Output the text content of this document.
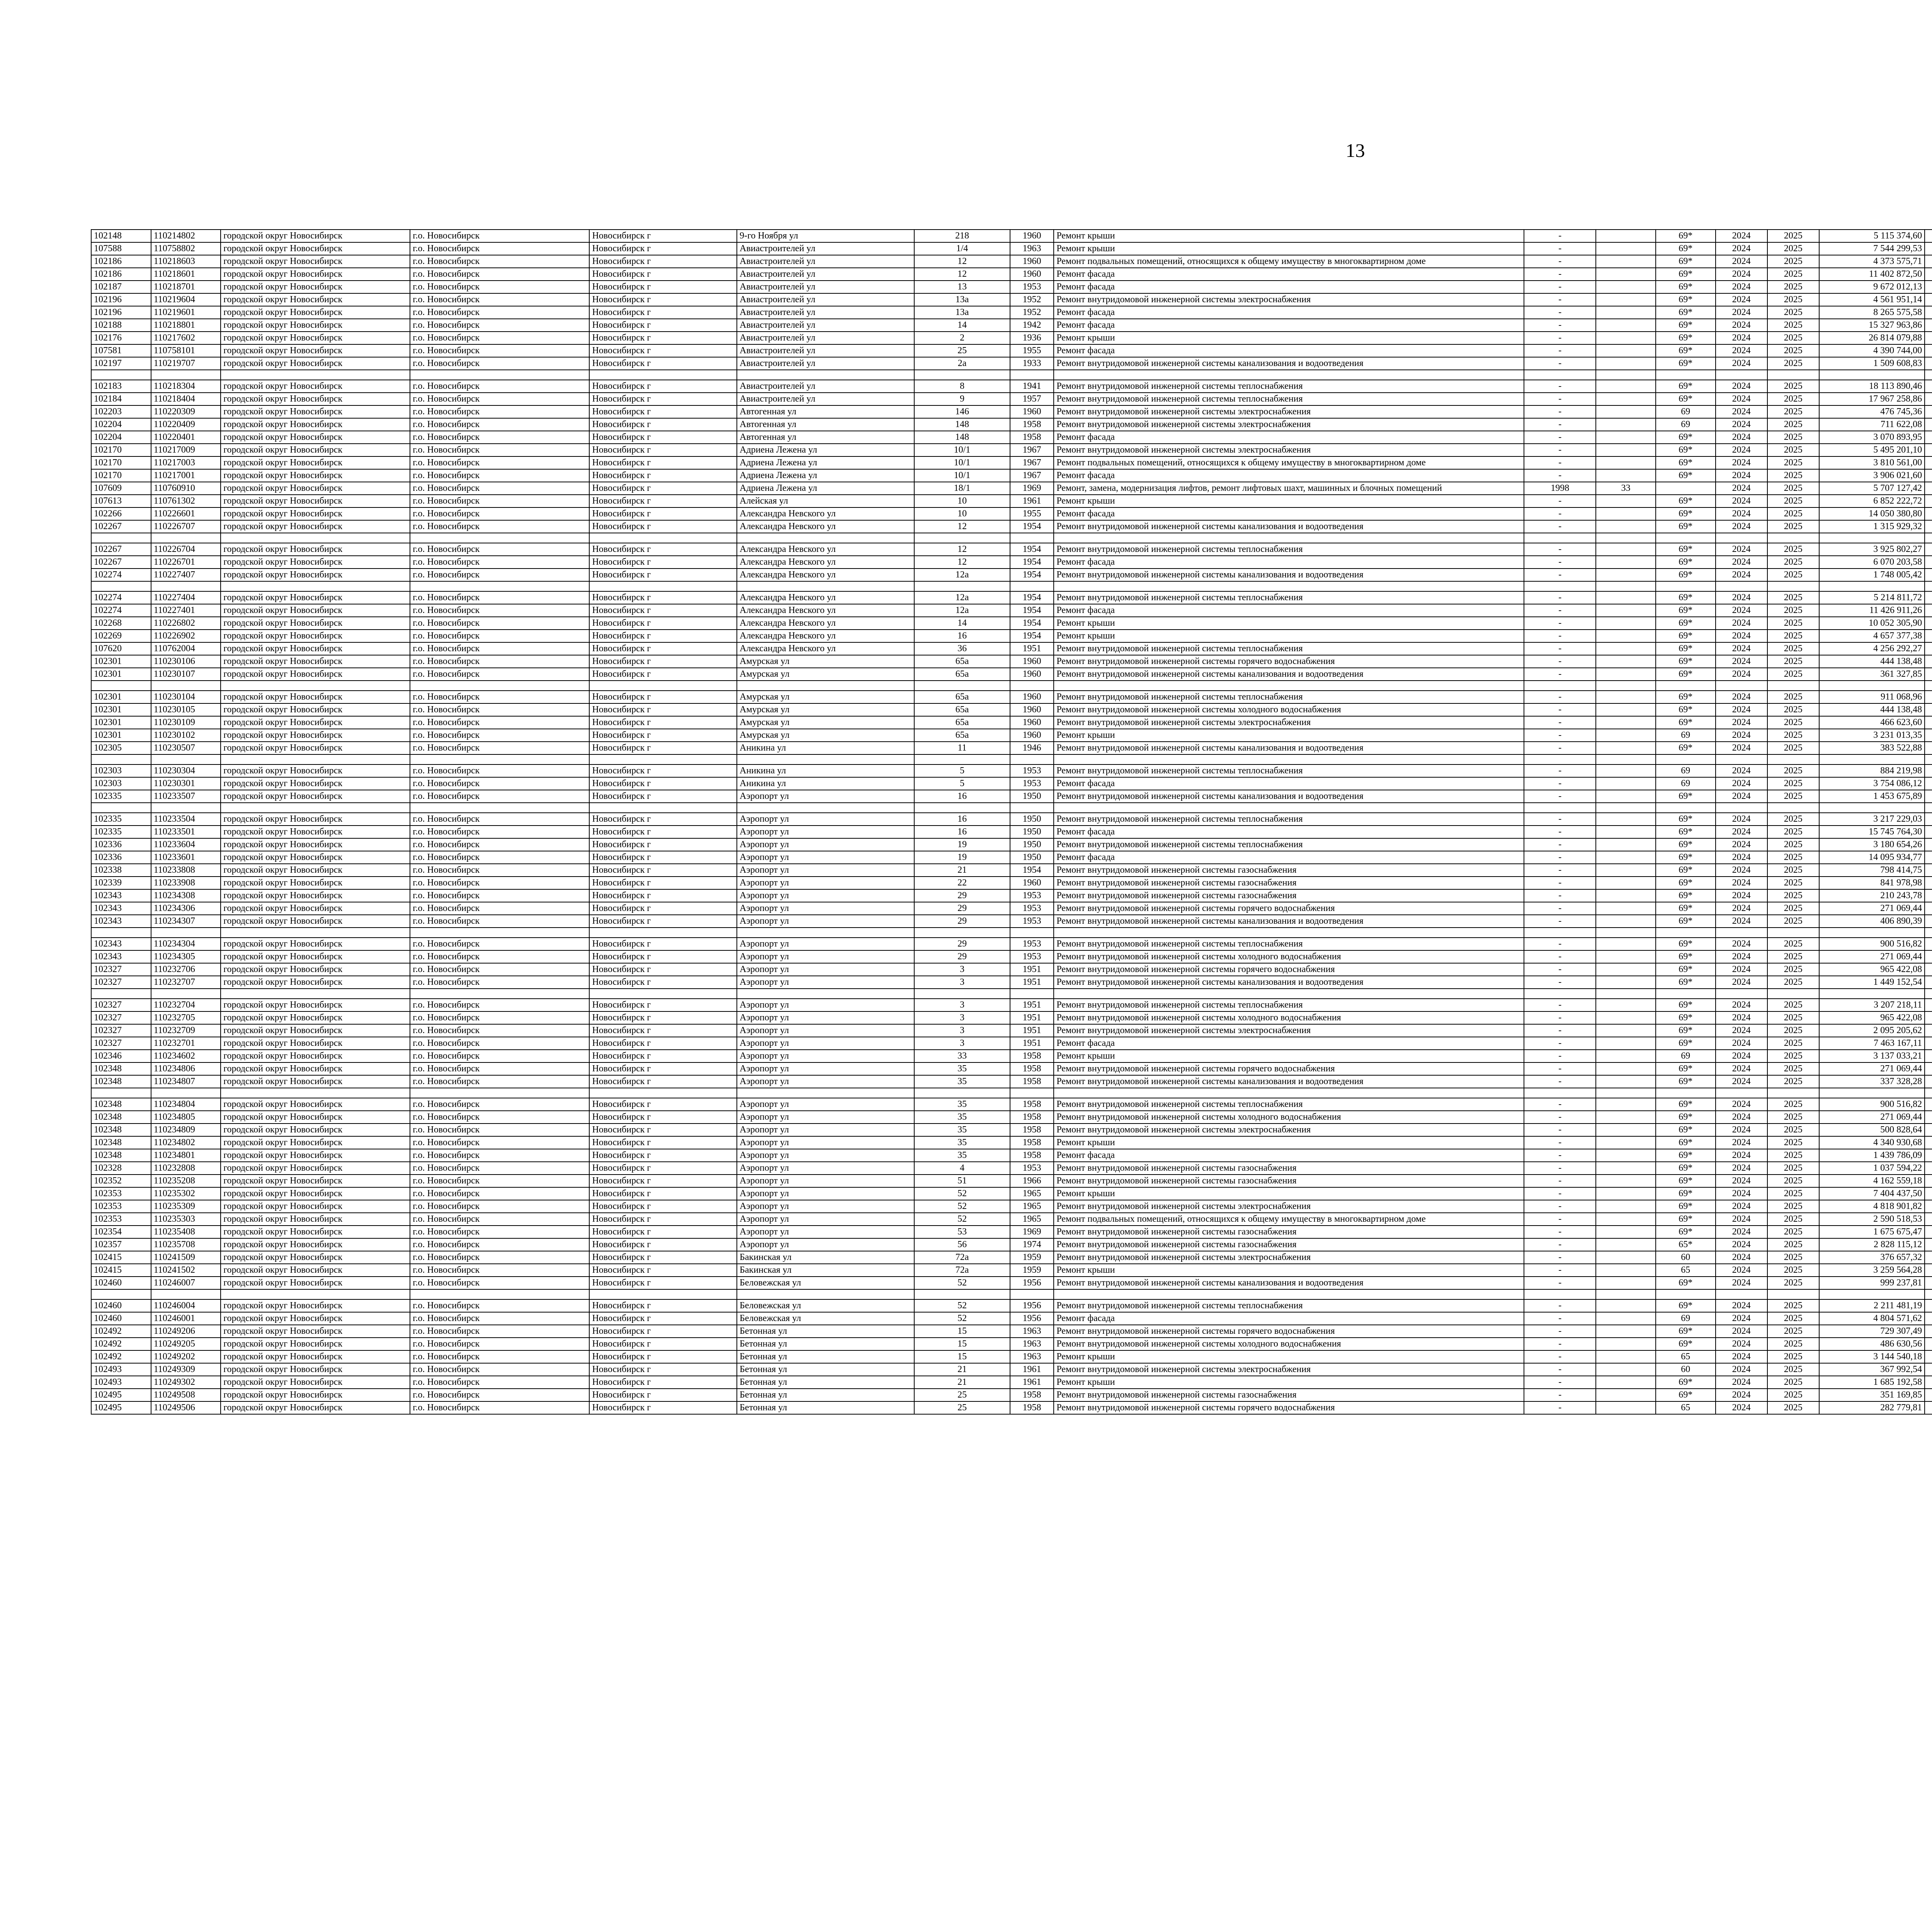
13
102148	110214802	городской округ Новосибирск	г.о. Новосибирск	Новосибирск г	9-го Ноября ул	218	1960	Ремонт крыши	-		69*	2024	2025	5 115 374,60							
107588	110758802	городской округ Новосибирск	г.о. Новосибирск	Новосибирск г	Авиастроителей ул	1/4	1963	Ремонт крыши	-		69*	2024	2025	7 544 299,53							
102186	110218603	городской округ Новосибирск	г.о. Новосибирск	Новосибирск г	Авиастроителей ул	12	1960	Ремонт подвальных помещений, относящихся к общему имуществу в многоквартирном доме	-		69*	2024	2025	4 373 575,71							
102186	110218601	городской округ Новосибирск	г.о. Новосибирск	Новосибирск г	Авиастроителей ул	12	1960	Ремонт фасада	-		69*	2024	2025	11 402 872,50							
102187	110218701	городской округ Новосибирск	г.о. Новосибирск	Новосибирск г	Авиастроителей ул	13	1953	Ремонт фасада	-		69*	2024	2025	9 672 012,13							
102196	110219604	городской округ Новосибирск	г.о. Новосибирск	Новосибирск г	Авиастроителей ул	13а	1952	Ремонт внутридомовой инженерной системы электроснабжения	-		69*	2024	2025	4 561 951,14							
102196	110219601	городской округ Новосибирск	г.о. Новосибирск	Новосибирск г	Авиастроителей ул	13а	1952	Ремонт фасада	-		69*	2024	2025	8 265 575,58							
102188	110218801	городской округ Новосибирск	г.о. Новосибирск	Новосибирск г	Авиастроителей ул	14	1942	Ремонт фасада	-		69*	2024	2025	15 327 963,86							
102176	110217602	городской округ Новосибирск	г.о. Новосибирск	Новосибирск г	Авиастроителей ул	2	1936	Ремонт крыши	-		69*	2024	2025	26 814 079,88							
107581	110758101	городской округ Новосибирск	г.о. Новосибирск	Новосибирск г	Авиастроителей ул	25	1955	Ремонт фасада	-		69*	2024	2025	4 390 744,00							
102197	110219707	городской округ Новосибирск	г.о. Новосибирск	Новосибирск г	Авиастроителей ул	2а	1933	Ремонт внутридомовой инженерной системы канализования и водоотведения	-		69*	2024	2025	1 509 608,83							

102183	110218304	городской округ Новосибирск	г.о. Новосибирск	Новосибирск г	Авиастроителей ул	8	1941	Ремонт внутридомовой инженерной системы теплоснабжения	-		69*	2024	2025	18 113 890,46							
102184	110218404	городской округ Новосибирск	г.о. Новосибирск	Новосибирск г	Авиастроителей ул	9	1957	Ремонт внутридомовой инженерной системы теплоснабжения	-		69*	2024	2025	17 967 258,86							
102203	110220309	городской округ Новосибирск	г.о. Новосибирск	Новосибирск г	Автогенная ул	146	1960	Ремонт внутридомовой инженерной системы электроснабжения	-		69	2024	2025	476 745,36							
102204	110220409	городской округ Новосибирск	г.о. Новосибирск	Новосибирск г	Автогенная ул	148	1958	Ремонт внутридомовой инженерной системы электроснабжения	-		69	2024	2025	711 622,08							
102204	110220401	городской округ Новосибирск	г.о. Новосибирск	Новосибирск г	Автогенная ул	148	1958	Ремонт фасада	-		69*	2024	2025	3 070 893,95							
102170	110217009	городской округ Новосибирск	г.о. Новосибирск	Новосибирск г	Адриена Лежена ул	10/1	1967	Ремонт внутридомовой инженерной системы электроснабжения	-		69*	2024	2025	5 495 201,10							
102170	110217003	городской округ Новосибирск	г.о. Новосибирск	Новосибирск г	Адриена Лежена ул	10/1	1967	Ремонт подвальных помещений, относящихся к общему имуществу в многоквартирном доме	-		69*	2024	2025	3 810 561,00							
102170	110217001	городской округ Новосибирск	г.о. Новосибирск	Новосибирск г	Адриена Лежена ул	10/1	1967	Ремонт фасада	-		69*	2024	2025	3 906 021,60							
107609	110760910	городской округ Новосибирск	г.о. Новосибирск	Новосибирск г	Адриена Лежена ул	18/1	1969	Ремонт, замена, модернизация лифтов, ремонт лифтовых шахт, машинных и блочных помещений	1998	33		2024	2025	5 707 127,42							
107613	110761302	городской округ Новосибирск	г.о. Новосибирск	Новосибирск г	Алейская ул	10	1961	Ремонт крыши	-		69*	2024	2025	6 852 222,72							
102266	110226601	городской округ Новосибирск	г.о. Новосибирск	Новосибирск г	Александра Невского ул	10	1955	Ремонт фасада	-		69*	2024	2025	14 050 380,80							
102267	110226707	городской округ Новосибирск	г.о. Новосибирск	Новосибирск г	Александра Невского ул	12	1954	Ремонт внутридомовой инженерной системы канализования и водоотведения	-		69*	2024	2025	1 315 929,32							

102267	110226704	городской округ Новосибирск	г.о. Новосибирск	Новосибирск г	Александра Невского ул	12	1954	Ремонт внутридомовой инженерной системы теплоснабжения	-		69*	2024	2025	3 925 802,27							
102267	110226701	городской округ Новосибирск	г.о. Новосибирск	Новосибирск г	Александра Невского ул	12	1954	Ремонт фасада	-		69*	2024	2025	6 070 203,58							
102274	110227407	городской округ Новосибирск	г.о. Новосибирск	Новосибирск г	Александра Невского ул	12а	1954	Ремонт внутридомовой инженерной системы канализования и водоотведения	-		69*	2024	2025	1 748 005,42							

102274	110227404	городской округ Новосибирск	г.о. Новосибирск	Новосибирск г	Александра Невского ул	12а	1954	Ремонт внутридомовой инженерной системы теплоснабжения	-		69*	2024	2025	5 214 811,72							
102274	110227401	городской округ Новосибирск	г.о. Новосибирск	Новосибирск г	Александра Невского ул	12а	1954	Ремонт фасада	-		69*	2024	2025	11 426 911,26							
102268	110226802	городской округ Новосибирск	г.о. Новосибирск	Новосибирск г	Александра Невского ул	14	1954	Ремонт крыши	-		69*	2024	2025	10 052 305,90							
102269	110226902	городской округ Новосибирск	г.о. Новосибирск	Новосибирск г	Александра Невского ул	16	1954	Ремонт крыши	-		69*	2024	2025	4 657 377,38							
107620	110762004	городской округ Новосибирск	г.о. Новосибирск	Новосибирск г	Александра Невского ул	36	1951	Ремонт внутридомовой инженерной системы теплоснабжения	-		69*	2024	2025	4 256 292,27							
102301	110230106	городской округ Новосибирск	г.о. Новосибирск	Новосибирск г	Амурская ул	65а	1960	Ремонт внутридомовой инженерной системы горячего водоснабжения	-		69*	2024	2025	444 138,48							
102301	110230107	городской округ Новосибирск	г.о. Новосибирск	Новосибирск г	Амурская ул	65а	1960	Ремонт внутридомовой инженерной системы канализования и водоотведения	-		69*	2024	2025	361 327,85							

102301	110230104	городской округ Новосибирск	г.о. Новосибирск	Новосибирск г	Амурская ул	65а	1960	Ремонт внутридомовой инженерной системы теплоснабжения	-		69*	2024	2025	911 068,96							
102301	110230105	городской округ Новосибирск	г.о. Новосибирск	Новосибирск г	Амурская ул	65а	1960	Ремонт внутридомовой инженерной системы холодного водоснабжения	-		69*	2024	2025	444 138,48							
102301	110230109	городской округ Новосибирск	г.о. Новосибирск	Новосибирск г	Амурская ул	65а	1960	Ремонт внутридомовой инженерной системы электроснабжения	-		69*	2024	2025	466 623,60							
102301	110230102	городской округ Новосибирск	г.о. Новосибирск	Новосибирск г	Амурская ул	65а	1960	Ремонт крыши	-		69	2024	2025	3 231 013,35							
102305	110230507	городской округ Новосибирск	г.о. Новосибирск	Новосибирск г	Аникина ул	11	1946	Ремонт внутридомовой инженерной системы канализования и водоотведения	-		69*	2024	2025	383 522,88							

102303	110230304	городской округ Новосибирск	г.о. Новосибирск	Новосибирск г	Аникина ул	5	1953	Ремонт внутридомовой инженерной системы теплоснабжения	-		69	2024	2025	884 219,98							
102303	110230301	городской округ Новосибирск	г.о. Новосибирск	Новосибирск г	Аникина ул	5	1953	Ремонт фасада	-		69	2024	2025	3 754 086,12							
102335	110233507	городской округ Новосибирск	г.о. Новосибирск	Новосибирск г	Аэропорт ул	16	1950	Ремонт внутридомовой инженерной системы канализования и водоотведения	-		69*	2024	2025	1 453 675,89							

102335	110233504	городской округ Новосибирск	г.о. Новосибирск	Новосибирск г	Аэропорт ул	16	1950	Ремонт внутридомовой инженерной системы теплоснабжения	-		69*	2024	2025	3 217 229,03							
102335	110233501	городской округ Новосибирск	г.о. Новосибирск	Новосибирск г	Аэропорт ул	16	1950	Ремонт фасада	-		69*	2024	2025	15 745 764,30							
102336	110233604	городской округ Новосибирск	г.о. Новосибирск	Новосибирск г	Аэропорт ул	19	1950	Ремонт внутридомовой инженерной системы теплоснабжения	-		69*	2024	2025	3 180 654,26							
102336	110233601	городской округ Новосибирск	г.о. Новосибирск	Новосибирск г	Аэропорт ул	19	1950	Ремонт фасада	-		69*	2024	2025	14 095 934,77							
102338	110233808	городской округ Новосибирск	г.о. Новосибирск	Новосибирск г	Аэропорт ул	21	1954	Ремонт внутридомовой инженерной системы газоснабжения	-		69*	2024	2025	798 414,75							
102339	110233908	городской округ Новосибирск	г.о. Новосибирск	Новосибирск г	Аэропорт ул	22	1960	Ремонт внутридомовой инженерной системы газоснабжения	-		69*	2024	2025	841 978,98							
102343	110234308	городской округ Новосибирск	г.о. Новосибирск	Новосибирск г	Аэропорт ул	29	1953	Ремонт внутридомовой инженерной системы газоснабжения	-		69*	2024	2025	210 243,78							
102343	110234306	городской округ Новосибирск	г.о. Новосибирск	Новосибирск г	Аэропорт ул	29	1953	Ремонт внутридомовой инженерной системы горячего водоснабжения	-		69*	2024	2025	271 069,44							
102343	110234307	городской округ Новосибирск	г.о. Новосибирск	Новосибирск г	Аэропорт ул	29	1953	Ремонт внутридомовой инженерной системы канализования и водоотведения	-		69*	2024	2025	406 890,39							

102343	110234304	городской округ Новосибирск	г.о. Новосибирск	Новосибирск г	Аэропорт ул	29	1953	Ремонт внутридомовой инженерной системы теплоснабжения	-		69*	2024	2025	900 516,82							
102343	110234305	городской округ Новосибирск	г.о. Новосибирск	Новосибирск г	Аэропорт ул	29	1953	Ремонт внутридомовой инженерной системы холодного водоснабжения	-		69*	2024	2025	271 069,44							
102327	110232706	городской округ Новосибирск	г.о. Новосибирск	Новосибирск г	Аэропорт ул	3	1951	Ремонт внутридомовой инженерной системы горячего водоснабжения	-		69*	2024	2025	965 422,08							
102327	110232707	городской округ Новосибирск	г.о. Новосибирск	Новосибирск г	Аэропорт ул	3	1951	Ремонт внутридомовой инженерной системы канализования и водоотведения	-		69*	2024	2025	1 449 152,54							

102327	110232704	городской округ Новосибирск	г.о. Новосибирск	Новосибирск г	Аэропорт ул	3	1951	Ремонт внутридомовой инженерной системы теплоснабжения	-		69*	2024	2025	3 207 218,11							
102327	110232705	городской округ Новосибирск	г.о. Новосибирск	Новосибирск г	Аэропорт ул	3	1951	Ремонт внутридомовой инженерной системы холодного водоснабжения	-		69*	2024	2025	965 422,08							
102327	110232709	городской округ Новосибирск	г.о. Новосибирск	Новосибирск г	Аэропорт ул	3	1951	Ремонт внутридомовой инженерной системы электроснабжения	-		69*	2024	2025	2 095 205,62							
102327	110232701	городской округ Новосибирск	г.о. Новосибирск	Новосибирск г	Аэропорт ул	3	1951	Ремонт фасада	-		69*	2024	2025	7 463 167,11							
102346	110234602	городской округ Новосибирск	г.о. Новосибирск	Новосибирск г	Аэропорт ул	33	1958	Ремонт крыши	-		69	2024	2025	3 137 033,21							
102348	110234806	городской округ Новосибирск	г.о. Новосибирск	Новосибирск г	Аэропорт ул	35	1958	Ремонт внутридомовой инженерной системы горячего водоснабжения	-		69*	2024	2025	271 069,44							
102348	110234807	городской округ Новосибирск	г.о. Новосибирск	Новосибирск г	Аэропорт ул	35	1958	Ремонт внутридомовой инженерной системы канализования и водоотведения	-		69*	2024	2025	337 328,28							

102348	110234804	городской округ Новосибирск	г.о. Новосибирск	Новосибирск г	Аэропорт ул	35	1958	Ремонт внутридомовой инженерной системы теплоснабжения	-		69*	2024	2025	900 516,82							
102348	110234805	городской округ Новосибирск	г.о. Новосибирск	Новосибирск г	Аэропорт ул	35	1958	Ремонт внутридомовой инженерной системы холодного водоснабжения	-		69*	2024	2025	271 069,44							
102348	110234809	городской округ Новосибирск	г.о. Новосибирск	Новосибирск г	Аэропорт ул	35	1958	Ремонт внутридомовой инженерной системы электроснабжения	-		69*	2024	2025	500 828,64							
102348	110234802	городской округ Новосибирск	г.о. Новосибирск	Новосибирск г	Аэропорт ул	35	1958	Ремонт крыши	-		69*	2024	2025	4 340 930,68							
102348	110234801	городской округ Новосибирск	г.о. Новосибирск	Новосибирск г	Аэропорт ул	35	1958	Ремонт фасада	-		69*	2024	2025	1 439 786,09							
102328	110232808	городской округ Новосибирск	г.о. Новосибирск	Новосибирск г	Аэропорт ул	4	1953	Ремонт внутридомовой инженерной системы газоснабжения	-		69*	2024	2025	1 037 594,22							
102352	110235208	городской округ Новосибирск	г.о. Новосибирск	Новосибирск г	Аэропорт ул	51	1966	Ремонт внутридомовой инженерной системы газоснабжения	-		69*	2024	2025	4 162 559,18							
102353	110235302	городской округ Новосибирск	г.о. Новосибирск	Новосибирск г	Аэропорт ул	52	1965	Ремонт крыши	-		69*	2024	2025	7 404 437,50							
102353	110235309	городской округ Новосибирск	г.о. Новосибирск	Новосибирск г	Аэропорт ул	52	1965	Ремонт внутридомовой инженерной системы электроснабжения	-		69*	2024	2025	4 818 901,82							
102353	110235303	городской округ Новосибирск	г.о. Новосибирск	Новосибирск г	Аэропорт ул	52	1965	Ремонт подвальных помещений, относящихся к общему имуществу в многоквартирном доме	-		69*	2024	2025	2 590 518,53							
102354	110235408	городской округ Новосибирск	г.о. Новосибирск	Новосибирск г	Аэропорт ул	53	1969	Ремонт внутридомовой инженерной системы газоснабжения	-		69*	2024	2025	1 675 675,47							
102357	110235708	городской округ Новосибирск	г.о. Новосибирск	Новосибирск г	Аэропорт ул	56	1974	Ремонт внутридомовой инженерной системы газоснабжения	-		65*	2024	2025	2 828 115,12							
102415	110241509	городской округ Новосибирск	г.о. Новосибирск	Новосибирск г	Бакинская ул	72а	1959	Ремонт внутридомовой инженерной системы электроснабжения	-		60	2024	2025	376 657,32							
102415	110241502	городской округ Новосибирск	г.о. Новосибирск	Новосибирск г	Бакинская ул	72а	1959	Ремонт крыши	-		65	2024	2025	3 259 564,28							
102460	110246007	городской округ Новосибирск	г.о. Новосибирск	Новосибирск г	Беловежская ул	52	1956	Ремонт внутридомовой инженерной системы канализования и водоотведения	-		69*	2024	2025	999 237,81							

102460	110246004	городской округ Новосибирск	г.о. Новосибирск	Новосибирск г	Беловежская ул	52	1956	Ремонт внутридомовой инженерной системы теплоснабжения	-		69*	2024	2025	2 211 481,19							
102460	110246001	городской округ Новосибирск	г.о. Новосибирск	Новосибирск г	Беловежская ул	52	1956	Ремонт фасада	-		69	2024	2025	4 804 571,62							
102492	110249206	городской округ Новосибирск	г.о. Новосибирск	Новосибирск г	Бетонная ул	15	1963	Ремонт внутридомовой инженерной системы горячего водоснабжения	-		69*	2024	2025	729 307,49							
102492	110249205	городской округ Новосибирск	г.о. Новосибирск	Новосибирск г	Бетонная ул	15	1963	Ремонт внутридомовой инженерной системы холодного водоснабжения	-		69*	2024	2025	486 630,56							
102492	110249202	городской округ Новосибирск	г.о. Новосибирск	Новосибирск г	Бетонная ул	15	1963	Ремонт крыши	-		65	2024	2025	3 144 540,18							
102493	110249309	городской округ Новосибирск	г.о. Новосибирск	Новосибирск г	Бетонная ул	21	1961	Ремонт внутридомовой инженерной системы электроснабжения	-		60	2024	2025	367 992,54							
102493	110249302	городской округ Новосибирск	г.о. Новосибирск	Новосибирск г	Бетонная ул	21	1961	Ремонт крыши	-		69*	2024	2025	1 685 192,58							
102495	110249508	городской округ Новосибирск	г.о. Новосибирск	Новосибирск г	Бетонная ул	25	1958	Ремонт внутридомовой инженерной системы газоснабжения	-		69*	2024	2025	351 169,85							
102495	110249506	городской округ Новосибирск	г.о. Новосибирск	Новосибирск г	Бетонная ул	25	1958	Ремонт внутридомовой инженерной системы горячего водоснабжения	-		65	2024	2025	282 779,81							
